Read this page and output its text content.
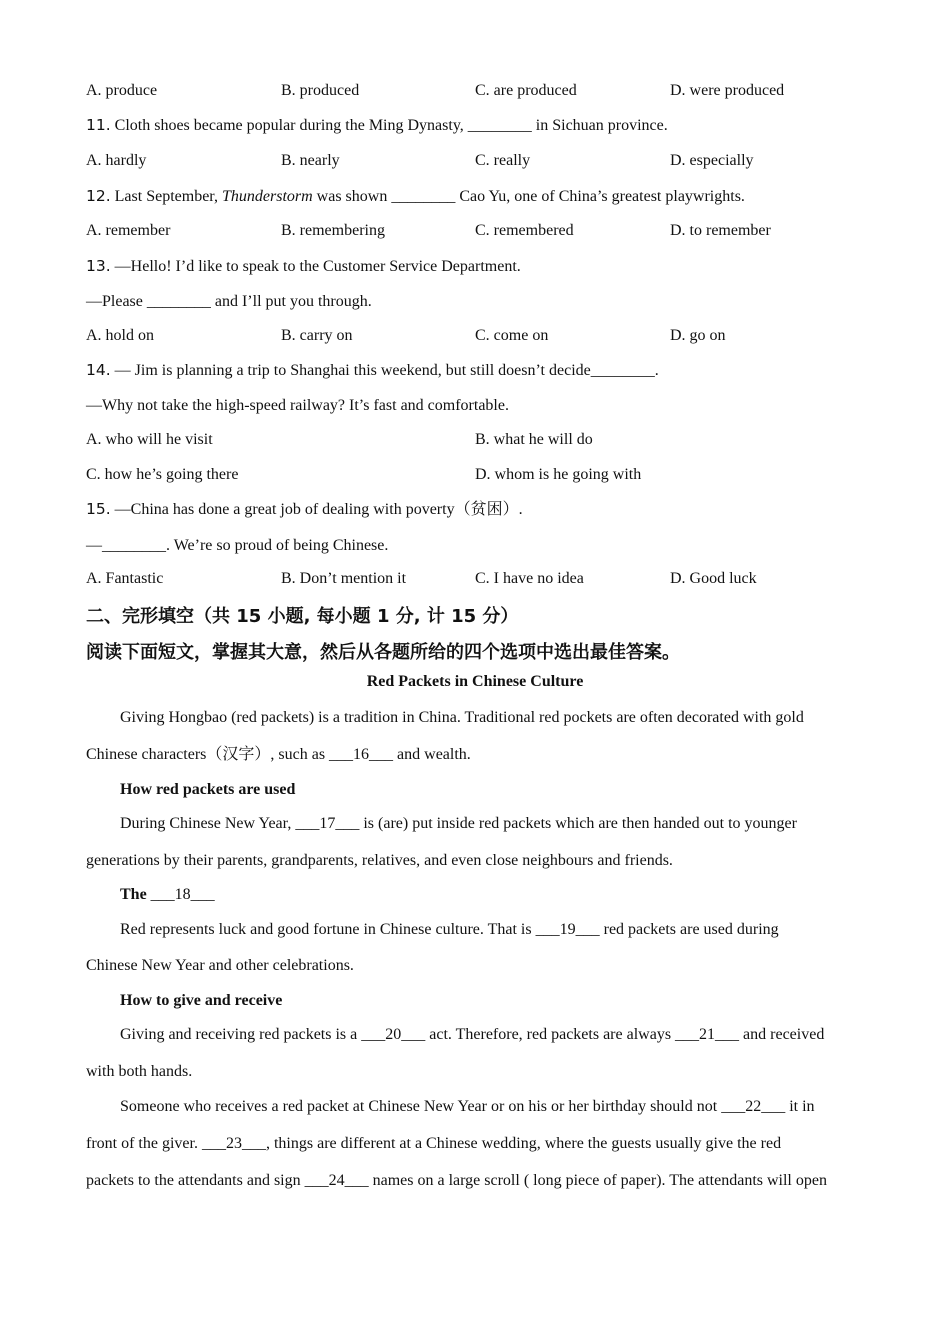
A. produce	B. produced	C. are produced	D. were produced
11. Cloth shoes became popular during the Ming Dynasty, ________ in Sichuan province.
A. hardly	B. nearly	C. really	D. especially
12. Last September, Thunderstorm was shown ________ Cao Yu, one of China’s greatest playwrights.
A. remember	B. remembering	C. remembered	D. to remember
13. —Hello! I’d like to speak to the Customer Service Department.
—Please ________ and I’ll put you through.
A. hold on	B. carry on	C. come on	D. go on
14. — Jim is planning a trip to Shanghai this weekend, but still doesn’t decide________.
—Why not take the high-speed railway? It’s fast and comfortable.
A. who will he visit	B. what he will do
C. how he’s going there	D. whom is he going with
15. —China has done a great job of dealing with poverty（贫困）.
—________. We’re so proud of being Chinese.
A. Fantastic	B. Don’t mention it	C. I have no idea	D. Good luck
二、完形填空（共 15 小题, 每小题 1 分, 计 15 分）
阅读下面短文，掌握其大意，然后从各题所给的四个选项中选出最佳答案。
Red Packets in Chinese Culture
Giving Hongbao (red packets) is a tradition in China. Traditional red pockets are often decorated with gold
Chinese characters（汉字）, such as ___16___ and wealth.
How red packets are used
During Chinese New Year, ___17___ is (are) put inside red packets which are then handed out to younger
generations by their parents, grandparents, relatives, and even close neighbours and friends.
The ___18___
Red represents luck and good fortune in Chinese culture. That is ___19___ red packets are used during
Chinese New Year and other celebrations.
How to give and receive
Giving and receiving red packets is a ___20___ act. Therefore, red packets are always ___21___ and received
with both hands.
Someone who receives a red packet at Chinese New Year or on his or her birthday should not ___22___ it in
front of the giver. ___23___, things are different at a Chinese wedding, where the guests usually give the red
packets to the attendants and sign ___24___ names on a large scroll ( long piece of paper). The attendants will open
